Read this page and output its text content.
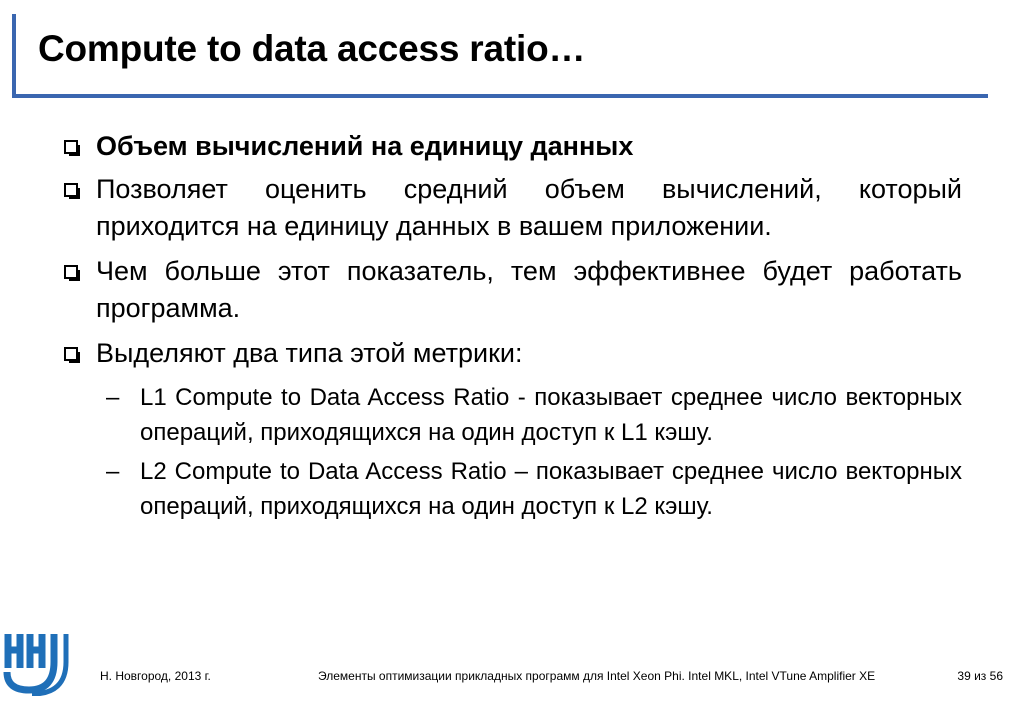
Compute to data access ratio…
Объем вычислений на единицу данных
Позволяет оценить средний объем вычислений, который приходится на единицу данных в вашем приложении.
Чем больше этот показатель, тем эффективнее будет работать программа.
Выделяют два типа этой метрики:
– L1 Compute to Data Access Ratio - показывает среднее число векторных операций, приходящихся на один доступ к L1 кэшу.
– L2 Compute to Data Access Ratio – показывает среднее число векторных операций, приходящихся на один доступ к L2 кэшу.
Н. Новгород, 2013 г.	Элементы оптимизации прикладных программ для Intel Xeon Phi. Intel MKL, Intel VTune Amplifier XE	39 из 56
